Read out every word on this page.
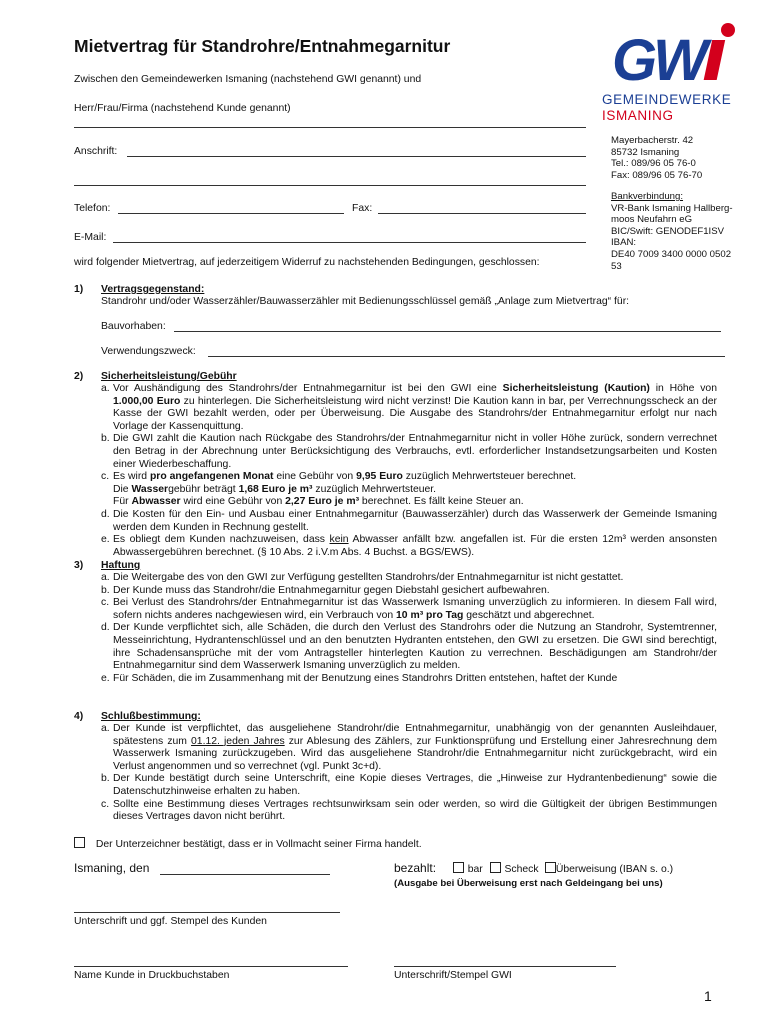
Mietvertrag für Standrohre/Entnahmegarnitur	GW
GEMEINDEWERKE
ISMANING
Mayerbacherstr. 42
85732 Ismaning
Tel.: 089/96 05 76-0
Fax: 089/96 05 76-70
Bankverbindung:
VR-Bank Ismaning Hallberg-
moos Neufahrn eG
BIC/Swift: GENODEF1ISV
IBAN:
DE40 7009 3400 0000 0502
53
Zwischen den Gemeindewerken Ismaning (nachstehend GWI genannt) und
Herr/Frau/Firma (nachstehend Kunde genannt)
Anschrift:
Telefon:	Fax:
E-Mail:
wird folgender Mietvertrag, auf jederzeitigem Widerruf zu nachstehenden Bedingungen, geschlossen:
1) Vertragsgegenstand:
Standrohr und/oder Wasserzähler/Bauwasserzähler mit Bedienungsschlüssel gemäß „Anlage zum Mietvertrag“ für:
Bauvorhaben:
Verwendungszweck:
2) Sicherheitsleistung/Gebühr
a. Vor Aushändigung des Standrohrs/der Entnahmegarnitur ist bei den GWI eine Sicherheitsleistung (Kaution) in Höhe von 1.000,00 Euro zu hinterlegen. Die Sicherheitsleistung wird nicht verzinst! Die Kaution kann in bar, per Verrechnungsscheck an der Kasse der GWI bezahlt werden, oder per Überweisung. Die Ausgabe des Standrohrs/der Entnahmegarnitur erfolgt nur nach Vorlage der Kassenquittung.
b. Die GWI zahlt die Kaution nach Rückgabe des Standrohrs/der Entnahmegarnitur nicht in voller Höhe zurück, sondern verrechnet den Betrag in der Abrechnung unter Berücksichtigung des Verbrauchs, evtl. erforderlicher Instandsetzungsarbeiten und Kosten einer Wiederbeschaffung.
c. Es wird pro angefangenen Monat eine Gebühr von 9,95 Euro zuzüglich Mehrwertsteuer berechnet.
Die Wassergebühr beträgt 1,68 Euro je m³ zuzüglich Mehrwertsteuer.
Für Abwasser wird eine Gebühr von 2,27 Euro je m³ berechnet. Es fällt keine Steuer an.
d. Die Kosten für den Ein- und Ausbau einer Entnahmegarnitur (Bauwasserzähler) durch das Wasserwerk der Gemeinde Ismaning werden dem Kunden in Rechnung gestellt.
e. Es obliegt dem Kunden nachzuweisen, dass kein Abwasser anfällt bzw. angefallen ist. Für die ersten 12m³ werden ansonsten Abwassergebühren berechnet. (§ 10 Abs. 2 i.V.m Abs. 4 Buchst. a BGS/EWS).
3) Haftung
a. Die Weitergabe des von den GWI zur Verfügung gestellten Standrohrs/der Entnahmegarnitur ist nicht gestattet.
b. Der Kunde muss das Standrohr/die Entnahmegarnitur gegen Diebstahl gesichert aufbewahren.
c. Bei Verlust des Standrohrs/der Entnahmegarnitur ist das Wasserwerk Ismaning unverzüglich zu informieren. In diesem Fall wird, sofern nichts anderes nachgewiesen wird, ein Verbrauch von 10 m³ pro Tag geschätzt und abgerechnet.
d. Der Kunde verpflichtet sich, alle Schäden, die durch den Verlust des Standrohrs oder die Nutzung an Standrohr, Systemtrenner, Messeinrichtung, Hydrantenschlüssel und an den benutzten Hydranten entstehen, den GWI zu ersetzen. Die GWI sind berechtigt, ihre Schadensansprüche mit der vom Antragsteller hinterlegten Kaution zu verrechnen. Beschädigungen am Standrohr/der Entnahmegarnitur sind dem Wasserwerk Ismaning unverzüglich zu melden.
e. Für Schäden, die im Zusammenhang mit der Benutzung eines Standrohrs Dritten entstehen, haftet der Kunde
4) Schlußbestimmung:
a. Der Kunde ist verpflichtet, das ausgeliehene Standrohr/die Entnahmegarnitur, unabhängig von der genannten Ausleihdauer, spätestens zum 01.12. jeden Jahres zur Ablesung des Zählers, zur Funktionsprüfung und Erstellung einer Jahresrechnung dem Wasserwerk Ismaning zurückzugeben. Wird das ausgeliehene Standrohr/die Entnahmegarnitur nicht zurückgebracht, wird ein Verlust angenommen und so verrechnet (vgl. Punkt 3c+d).
b. Der Kunde bestätigt durch seine Unterschrift, eine Kopie dieses Vertrages, die „Hinweise zur Hydrantenbedienung“ sowie die Datenschutzhinweise erhalten zu haben.
c. Sollte eine Bestimmung dieses Vertrages rechtsunwirksam sein oder werden, so wird die Gültigkeit der übrigen Bestimmungen dieses Vertrages davon nicht berührt.
Der Unterzeichner bestätigt, dass er in Vollmacht seiner Firma handelt.
Ismaning, den	bezahlt:	bar Scheck Überweisung (IBAN s. o.)
(Ausgabe bei Überweisung erst nach Geldeingang bei uns)
Unterschrift und ggf. Stempel des Kunden
Name Kunde in Druckbuchstaben	Unterschrift/Stempel GWI
1
